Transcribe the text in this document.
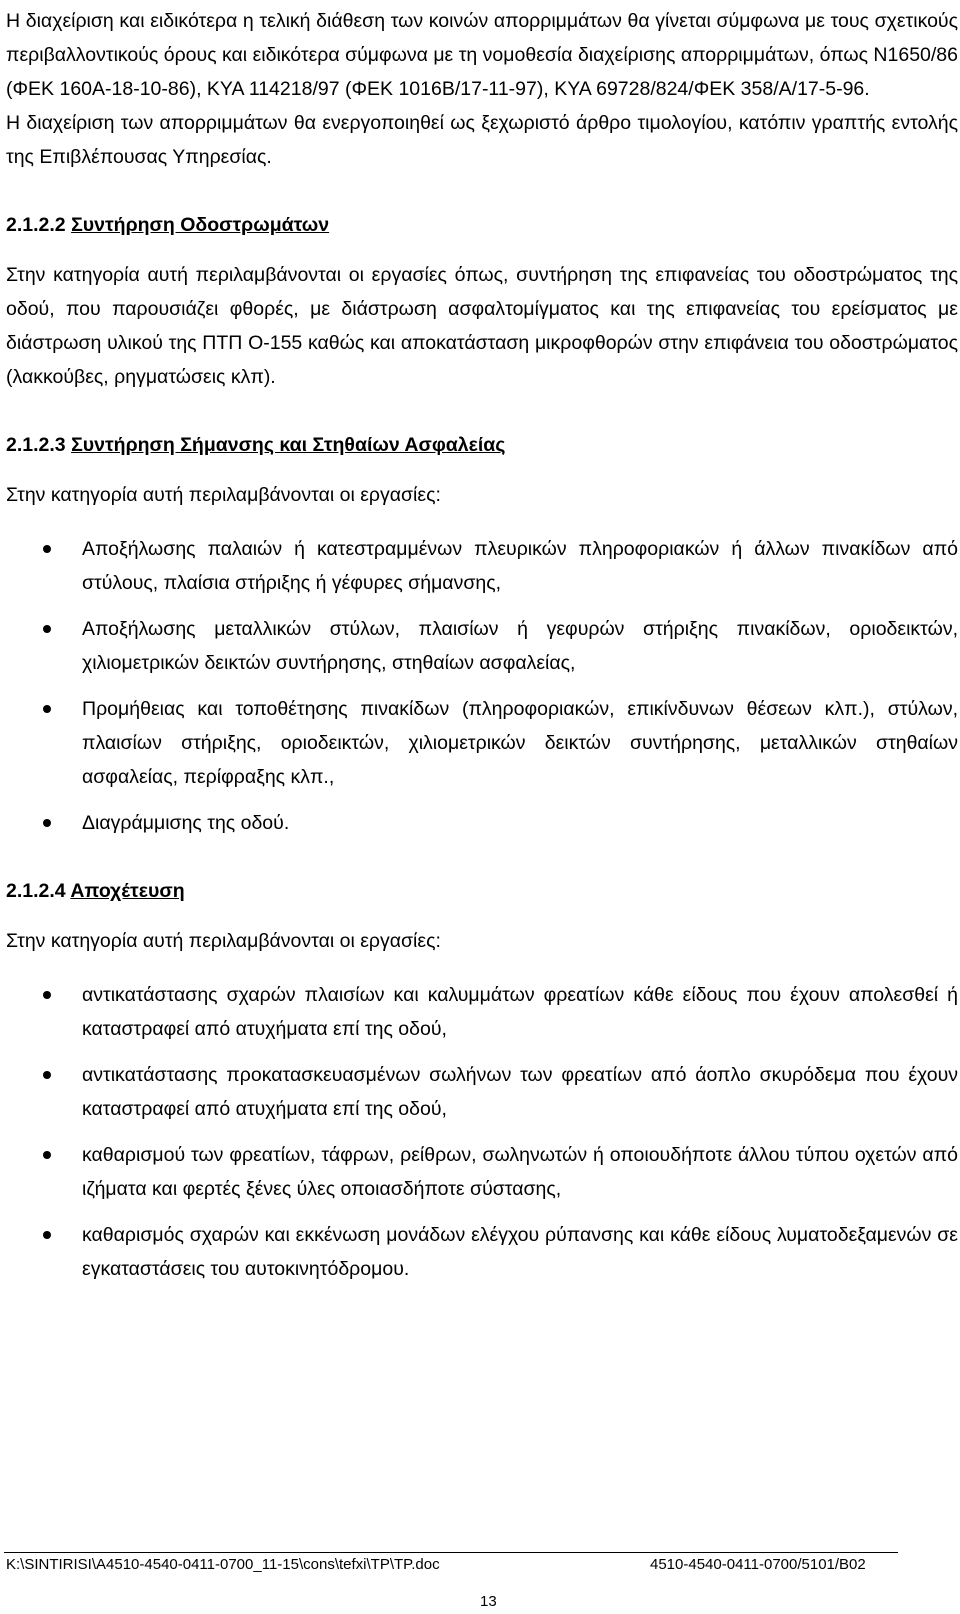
Η διαχείριση και ειδικότερα η τελική διάθεση των κοινών απορριμμάτων θα γίνεται σύμφωνα με τους σχετικούς περιβαλλοντικούς όρους και ειδικότερα σύμφωνα με τη νομοθεσία διαχείρισης απορριμμάτων, όπως Ν1650/86 (ΦΕΚ 160Α-18-10-86), ΚΥΑ 114218/97 (ΦΕΚ 1016Β/17-11-97), ΚΥΑ 69728/824/ΦΕΚ 358/Α/17-5-96.

Η διαχείριση των απορριμμάτων θα ενεργοποιηθεί ως ξεχωριστό άρθρο τιμολογίου, κατόπιν γραπτής εντολής της Επιβλέπουσας Υπηρεσίας.

2.1.2.2 Συντήρηση Οδοστρωμάτων

Στην κατηγορία αυτή περιλαμβάνονται οι εργασίες όπως, συντήρηση της επιφανείας του οδοστρώματος της οδού, που παρουσιάζει φθορές, με διάστρωση ασφαλτομίγματος και της επιφανείας του ερείσματος με διάστρωση υλικού της ΠΤΠ Ο-155 καθώς και αποκατάσταση μικροφθορών στην επιφάνεια του οδοστρώματος (λακκούβες, ρηγματώσεις κλπ).

2.1.2.3 Συντήρηση Σήμανσης και Στηθαίων Ασφαλείας

Στην κατηγορία αυτή περιλαμβάνονται οι εργασίες:

Αποξήλωσης παλαιών ή κατεστραμμένων πλευρικών πληροφοριακών ή άλλων πινακίδων από στύλους, πλαίσια στήριξης ή γέφυρες σήμανσης,
Αποξήλωσης μεταλλικών στύλων, πλαισίων ή γεφυρών στήριξης πινακίδων, οριοδεικτών, χιλιομετρικών δεικτών συντήρησης, στηθαίων ασφαλείας,
Προμήθειας και τοποθέτησης πινακίδων (πληροφοριακών, επικίνδυνων θέσεων κλπ.), στύλων, πλαισίων στήριξης, οριοδεικτών, χιλιομετρικών δεικτών συντήρησης, μεταλλικών στηθαίων ασφαλείας, περίφραξης κλπ.,
Διαγράμμισης της οδού.

2.1.2.4 Αποχέτευση

Στην κατηγορία αυτή περιλαμβάνονται οι εργασίες:

αντικατάστασης σχαρών πλαισίων και καλυμμάτων φρεατίων κάθε είδους που έχουν απολεσθεί ή καταστραφεί από ατυχήματα επί της οδού,
αντικατάστασης προκατασκευασμένων σωλήνων των φρεατίων από άοπλο σκυρόδεμα που έχουν καταστραφεί από ατυχήματα επί της οδού,
καθαρισμού των φρεατίων, τάφρων, ρείθρων, σωληνωτών ή οποιουδήποτε άλλου τύπου οχετών από ιζήματα και φερτές ξένες ύλες οποιασδήποτε σύστασης,
καθαρισμός σχαρών και εκκένωση μονάδων ελέγχου ρύπανσης και κάθε είδους λυματοδεξαμενών σε εγκαταστάσεις του αυτοκινητόδρομου.
K:\SINTIRISI\A4510-4540-0411-0700_11-15\cons\tefxi\TP\TP.doc	4510-4540-0411-0700/5101/B02
13
